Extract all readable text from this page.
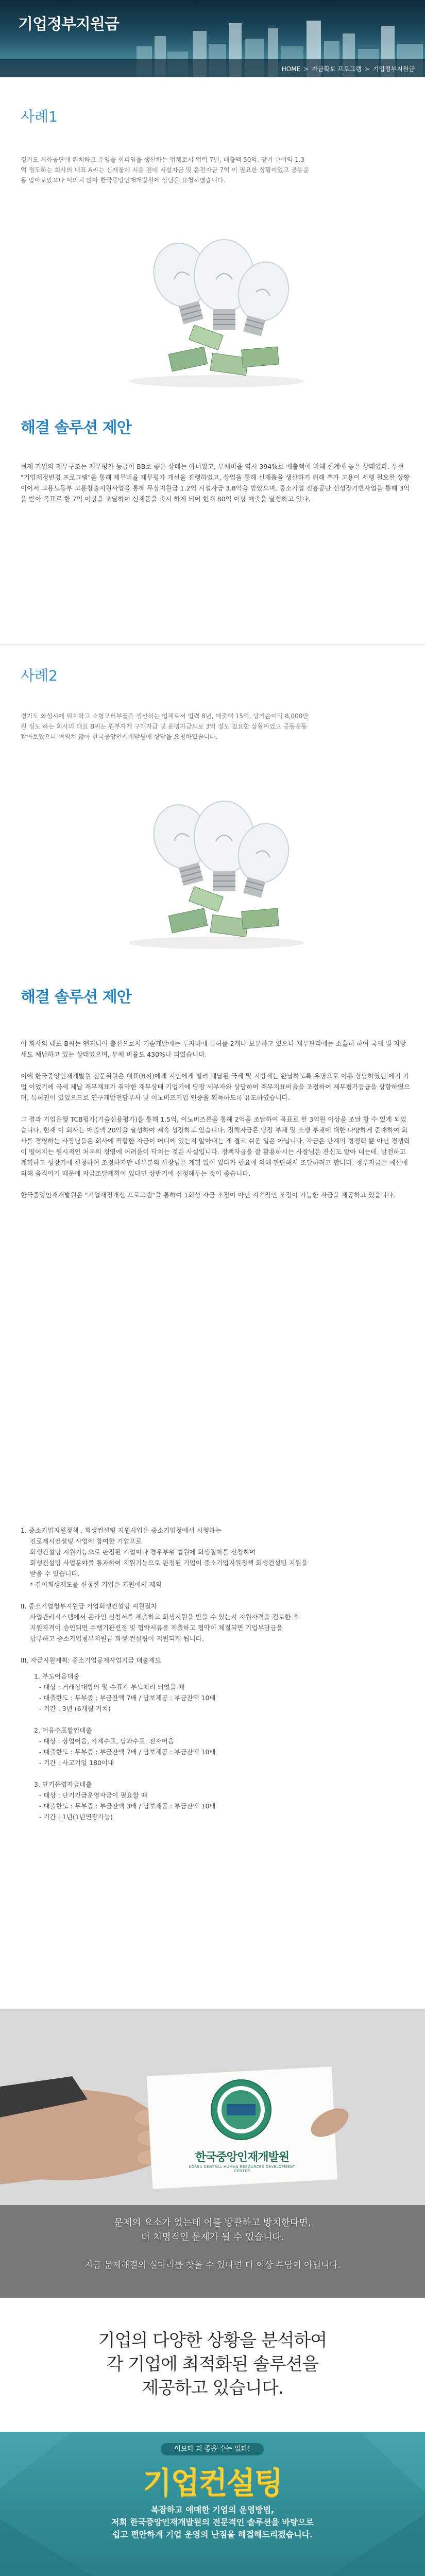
기업정부지원금
HOME > 자금확보 프로그램 > 기업정부지원금
사례1
경기도 시화공단에 위치하고 운영을 회피임을 생산하는 업체로서 업력 7년, 매출액 50억, 당기 순이익 1.3억 정도하는 회사의 대표 A씨는 신제품에 시운 전에 시설자금 및 운전자금 7억 이 필요한 상황이었고 공동운동 알아보았으나 여의치 않아 한국중앙인재개발원에 상담을 요청하였습니다.
해결 솔루션 제안

현재 기업의 재무구조는 재무평가 등급이 BB로 좋은 상태는 아니었고, 부채비율 역시 394%로 매출액에 비해 한계에 놓은 상태였다. 우선 "기업재정변경 프로그램"을 통해 재무비율 재무평가 개선을 진행하였고, 상업을 통해 신제품을 생산하기 위해 추가 고용이 서행 필요한 상황이어서 고용노동부 고용창출지원사업을 통해 무상지원금 1.2억 시설자금 3.8억을 받았으며, 중소기업 진흥공단 신성장기반사업을 통해 3억을 받아 목표로 한 7억 이상을 조달하여 신제품을 출시 하게 되어 현재 80억 이상 매출을 달성하고 있다.

사례2
경기도 화성시에 위치하고 소형모터부품을 생산하는 업체로서 업력 8년, 매출액 15억, 당기순이익 8,000만원 정도 하는 회사의 대표 B씨는 원부자재 구매자금 및 운영자금으로 3억 정도 필요한 상황이었고 공동운동 알아보았으나 여의치 않아 한국중앙인재개발원에 상담을 요청하였습니다.
해결 솔루션 제안

이 회사의 대표 B씨는 엔지니어 출신으로서 기술개발에는 투자비에 특허를 2개나 보유하고 있으나 재무관리에는 소홀히 하여 국세 및 지방세도 체납하고 있는 상태였으며, 부채 비율도 430%나 되었습니다.

이에 한국중앙인재개발원 전문위원은 대표(B씨)에게 지인에게 빌려 체납된 국세 및 지방세는 완납하도록 유명으로 이용 상담하였던 에기 기업 이었기에 국세 체납 재무재표가 취약한 재무상태 기업기에 당장 세부자와 상담하여 재무지표비율을 조정하여 재무평가등급을 상향하였으며, 특허권이 있었으므로 연구개발전담부서 및 이노비즈기업 인증을 획득하도록 유도하였습니다.

그 결과 기업은행 TCB평가(기술신용평가)를 통해 1.5억, 이노비즈론을 통해 2억을 조달하여 목표로 한 3억원 이상을 조달 할 수 있게 되었습니다. 현재 이 회사는 매출액 20억을 달성하여 계속 성장하고 있습니다. 정책자금은 당장 부채 및 소생 부채에 대한 다양하게 준재하여 회사를 경영하는 사장님들은 회사에 적합한 자금이 어디에 있는지 알아내는 게 결코 쉬운 일은 아닙니다. 자금은 단계의 경쟁력 뿐 아닌 경쟁력이 떨어지는 원시적인 처우의 경영에 어려움이 닥치는 것은 사실입니다. 정책자금을 잘 활용하시는 사장님은 잔신도 알아 내는데, 발전하고 계획하고 성장기에 신청하여 조정하지만 대부분의 사장님은 계획 없이 있다가 필요에 의해 판단해서 조달하려고 합니다. 정부자금은 예산에 의해 움직이기 때문에 자금조달계획이 있다면 상반기에 신청해두는 것이 좋습니다.

한국중앙인재개발원은 "기업재정개선 프로그램"을 통하여 1회성 자금 조정이 아닌 지속적인 조정이 가능한 자금을 제공하고 있습니다.

1. 중소기업지원정책 , 회생컨설팅 지원사업은 중소기업청에서 시행하는
진로제시컨설팅 사업에 참여한 기업으로
회생컨설팅 지원기능으로 판정된 기업이나 경우부위 법원에 회생절차를 신청하여
회생컨설팅 사업분야를 통과하여 지원기능으로 판정된 기업이 중소기업지원정책 회생컨설팅 지원을
받을 수 있습니다.
* 간이회생제도를 신청한 기업은 지원에서 제외
II. 중소기업청부지원금 기업회생컨설팅 지원절차
사업관리시스템에서 온라인 신청서를 제출하고 회생지원을 받을 수 있는지 지원자격을 검토한 후
지원자격이 승인되면 수행기관선정 및 협약서류를 제출하고 협약이 체결되면 기업부담금을
납부하고 중소기업청부지원금 회생 컨설팅이 지원되게 됩니다.
III. 자금지원계획: 중소기업공제사업기금 대출제도
1. 부도어음대출
- 대상 : 거래상대방의 및 수표가 부도처리 되었을 때
- 대출한도 : 무부증 : 부금잔액 7배 / 담보제공 : 부금잔액 10배
- 기간 : 3년 (6개월 거치)
2. 어음수표할인대출
- 대상 : 상업어음, 가계수표, 당좌수표, 전자어음
- 대출한도 : 무부증 : 부금잔액 7배 / 담보제공 : 부금잔액 10배
- 기간 : 사고기일 180이내
3. 단기운영자금대출
- 대상 : 단기긴급운영자금이 필요할 때
- 대출한도 : 무부증 : 부금잔액 3배 / 담보제공 : 부금잔액 10배
- 기간 : 1년(1년연장가능)
한국중앙인재개발원
KOREA CENTRAL HUMAN RESOURCES DEVELOPMENT CENTER
문제의 요소가 있는데 이를 방관하고 방치한다면,
더 치명적인 문제가 될 수 있습니다.
지금 문제해결의 실마리를 찾을 수 있다면 더 이상 부담이 아닙니다.
기업의 다양한 상황을 분석하여
각 기업에 최적화된 솔루션을
제공하고 있습니다.
이보다 더 좋을 수는 없다!
기업컨설팅
복잡하고 애매한 기업의 운영방법,
저희 한국중앙인재개발원의 전문적인 솔루션을 바탕으로
쉽고 편안하게 기업 운영의 난점을 해결해드리겠습니다.
